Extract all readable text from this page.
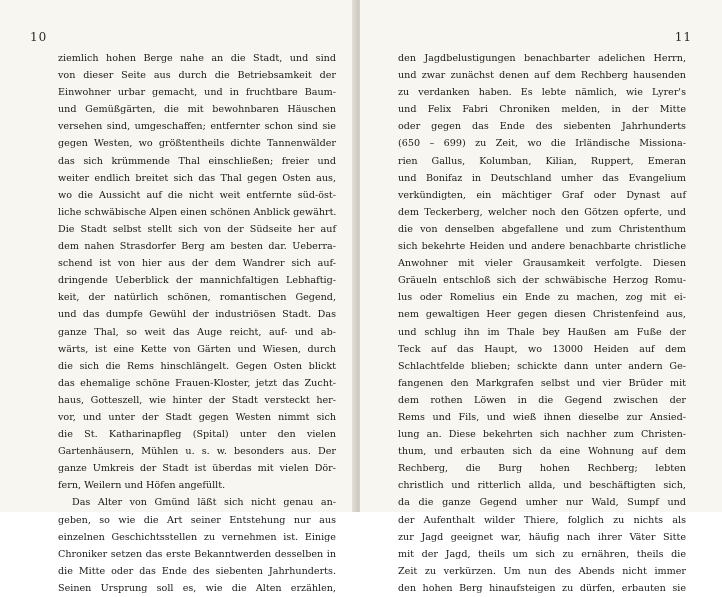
10
ziemlich hohen Berge nahe an die Stadt, und sind
von dieser Seite aus durch die Betriebsamkeit der
Einwohner urbar gemacht, und in fruchtbare Baum-
und Gemüßgärten, die mit bewohnbaren Häuschen
versehen sind, umgeschaffen; entfernter schon sind sie
gegen Westen, wo größtentheils dichte Tannenwälder
das sich krümmende Thal einschließen; freier und
weiter endlich breitet sich das Thal gegen Osten aus,
wo die Aussicht auf die nicht weit entfernte süd-öst-
liche schwäbische Alpen einen schönen Anblick gewährt.
Die Stadt selbst stellt sich von der Südseite her auf
dem nahen Strasdorfer Berg am besten dar. Ueberra-
schend ist von hier aus der dem Wandrer sich auf-
dringende Ueberblick der mannichfaltigen Lebhaftig-
keit, der natürlich schönen, romantischen Gegend,
und das dumpfe Gewühl der industriösen Stadt. Das
ganze Thal, so weit das Auge reicht, auf- und ab-
wärts, ist eine Kette von Gärten und Wiesen, durch
die sich die Rems hinschlängelt. Gegen Osten blickt
das ehemalige schöne Frauen-Kloster, jetzt das Zucht-
haus, Gotteszell, wie hinter der Stadt versteckt her-
vor, und unter der Stadt gegen Westen nimmt sich
die St. Katharinapfleg (Spital) unter den vielen
Gartenhäusern, Mühlen u. s. w. besonders aus. Der
ganze Umkreis der Stadt ist überdas mit vielen Dör-
fern, Weilern und Höfen angefüllt.
Das Alter von Gmünd läßt sich nicht genau an-
geben, so wie die Art seiner Entstehung nur aus
einzelnen Geschichtsstellen zu vernehmen ist. Einige
Chroniker setzen das erste Bekanntwerden desselben in
die Mitte oder das Ende des siebenten Jahrhunderts.
Seinen Ursprung soll es, wie die Alten erzählen,
11
den Jagdbelustigungen benachbarter adelichen Herrn,
und zwar zunächst denen auf dem Rechberg hausenden
zu verdanken haben. Es lebte nämlich, wie Lyrer's
und Felix Fabri Chroniken melden, in der Mitte
oder gegen das Ende des siebenten Jahrhunderts
(650 – 699) zu Zeit, wo die Irländische Missiona-
rien Gallus, Kolumban, Kilian, Ruppert, Emeran
und Bonifaz in Deutschland umher das Evangelium
verkündigten, ein mächtiger Graf oder Dynast auf
dem Teckerberg, welcher noch den Götzen opferte, und
die von denselben abgefallene und zum Christenthum
sich bekehrte Heiden und andere benachbarte christliche
Anwohner mit vieler Grausamkeit verfolgte. Diesen
Gräueln entschloß sich der schwäbische Herzog Romu-
lus oder Romelius ein Ende zu machen, zog mit ei-
nem gewaltigen Heer gegen diesen Christenfeind aus,
und schlug ihn im Thale bey Haußen am Fuße der
Teck auf das Haupt, wo 13000 Heiden auf dem
Schlachtfelde blieben; schickte dann unter andern Ge-
fangenen den Markgrafen selbst und vier Brüder mit
dem rothen Löwen in die Gegend zwischen der
Rems und Fils, und wieß ihnen dieselbe zur Ansied-
lung an. Diese bekehrten sich nachher zum Christen-
thum, und erbauten sich da eine Wohnung auf dem
Rechberg, die Burg hohen Rechberg; lebten
christlich und ritterlich allda, und beschäftigten sich,
da die ganze Gegend umher nur Wald, Sumpf und
der Aufenthalt wilder Thiere, folglich zu nichts als
zur Jagd geeignet war, häufig nach ihrer Väter Sitte
mit der Jagd, theils um sich zu ernähren, theils die
Zeit zu verkürzen. Um nun des Abends nicht immer
den hohen Berg hinaufsteigen zu dürfen, erbauten sie
